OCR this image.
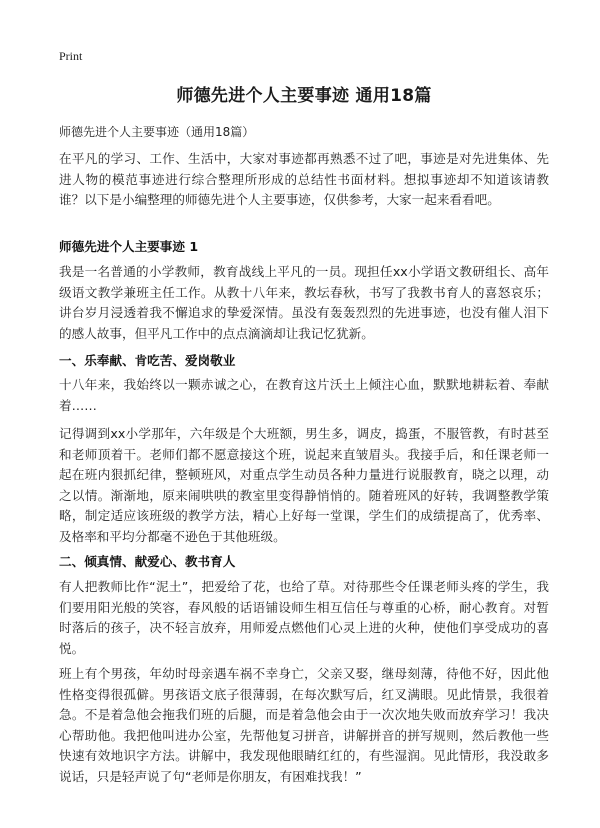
Print
师德先进个人主要事迹 通用18篇

师德先进个人主要事迹（通用18篇）

在平凡的学习、工作、生活中，大家对事迹都再熟悉不过了吧，事迹是对先进集体、先进人物的模范事迹进行综合整理所形成的总结性书面材料。想拟事迹却不知道该请教谁？以下是小编整理的师德先进个人主要事迹，仅供参考，大家一起来看看吧。

师德先进个人主要事迹 1

我是一名普通的小学教师，教育战线上平凡的一员。现担任xx小学语文教研组长、高年级语文教学兼班主任工作。从教十八年来，教坛春秋，书写了我教书育人的喜怒哀乐；讲台岁月浸透着我不懈追求的挚爱深情。虽没有轰轰烈烈的先进事迹，也没有催人泪下的感人故事，但平凡工作中的点点滴滴却让我记忆犹新。

一、乐奉献、肯吃苦、爱岗敬业

十八年来，我始终以一颗赤诚之心，在教育这片沃土上倾注心血，默默地耕耘着、奉献着……

记得调到xx小学那年，六年级是个大班额，男生多，调皮，捣蛋，不服管教，有时甚至和老师顶着干。老师们都不愿意接这个班，说起来直皱眉头。我接手后，和任课老师一起在班内狠抓纪律，整顿班风，对重点学生动员各种力量进行说服教育，晓之以理，动之以情。渐渐地，原来闹哄哄的教室里变得静悄悄的。随着班风的好转，我调整教学策略，制定适应该班级的教学方法，精心上好每一堂课，学生们的成绩提高了，优秀率、及格率和平均分都毫不逊色于其他班级。

二、倾真情、献爱心、教书育人

有人把教师比作“泥土”，把爱给了花，也给了草。对待那些令任课老师头疼的学生，我们要用阳光般的笑容，春风般的话语铺设师生相互信任与尊重的心桥，耐心教育。对暂时落后的孩子，决不轻言放弃，用师爱点燃他们心灵上进的火种，使他们享受成功的喜悦。

班上有个男孩，年幼时母亲遇车祸不幸身亡，父亲又娶，继母刻薄，待他不好，因此他性格变得很孤僻。男孩语文底子很薄弱，在每次默写后，红叉满眼。见此情景，我很着急。不是着急他会拖我们班的后腿，而是着急他会由于一次次地失败而放弃学习！我决心帮助他。我把他叫进办公室，先帮他复习拼音，讲解拼音的拼写规则，然后教他一些快速有效地识字方法。讲解中，我发现他眼睛红红的，有些湿润。见此情形，我没敢多说话，只是轻声说了句“老师是你朋友，有困难找我！”
